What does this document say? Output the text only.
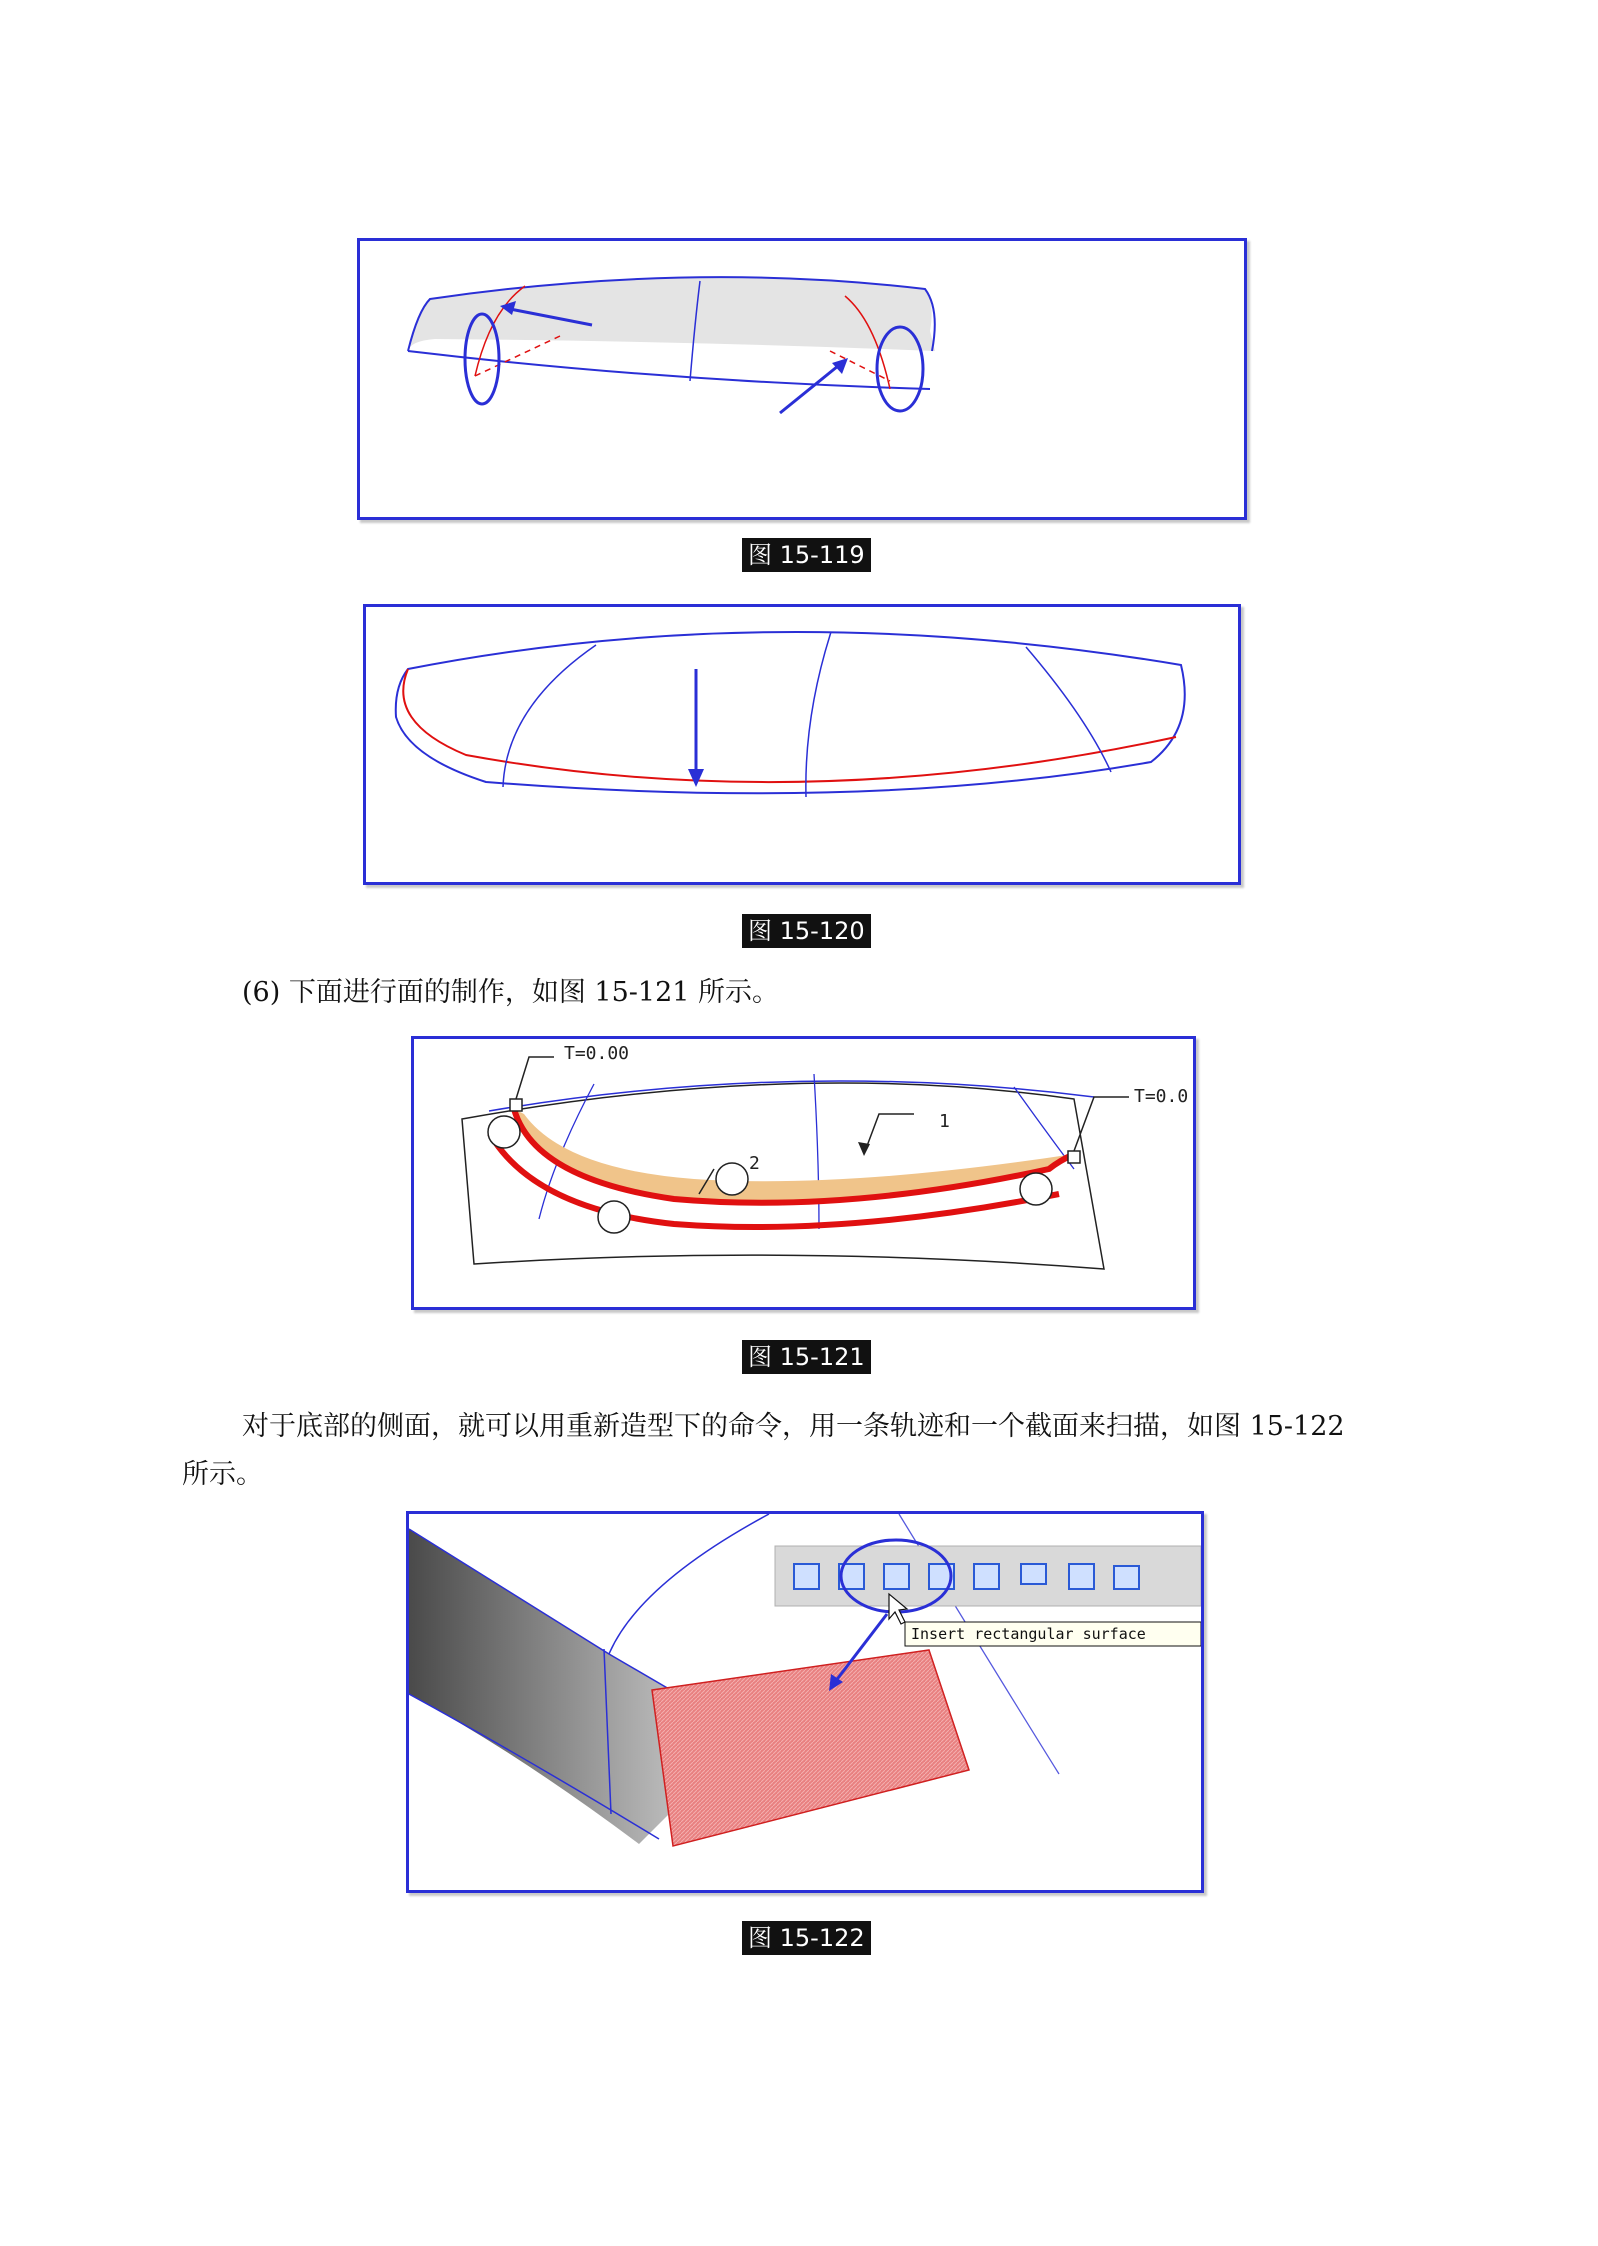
图 15-119
图 15-120
(6) 下面进行面的制作，如图 15-121 所示。
T=0.00
T=0.0
1
2
图 15-121
对于底部的侧面，就可以用重新造型下的命令，用一条轨迹和一个截面来扫描，如图 15-122
所示。
Insert rectangular surface
图 15-122
